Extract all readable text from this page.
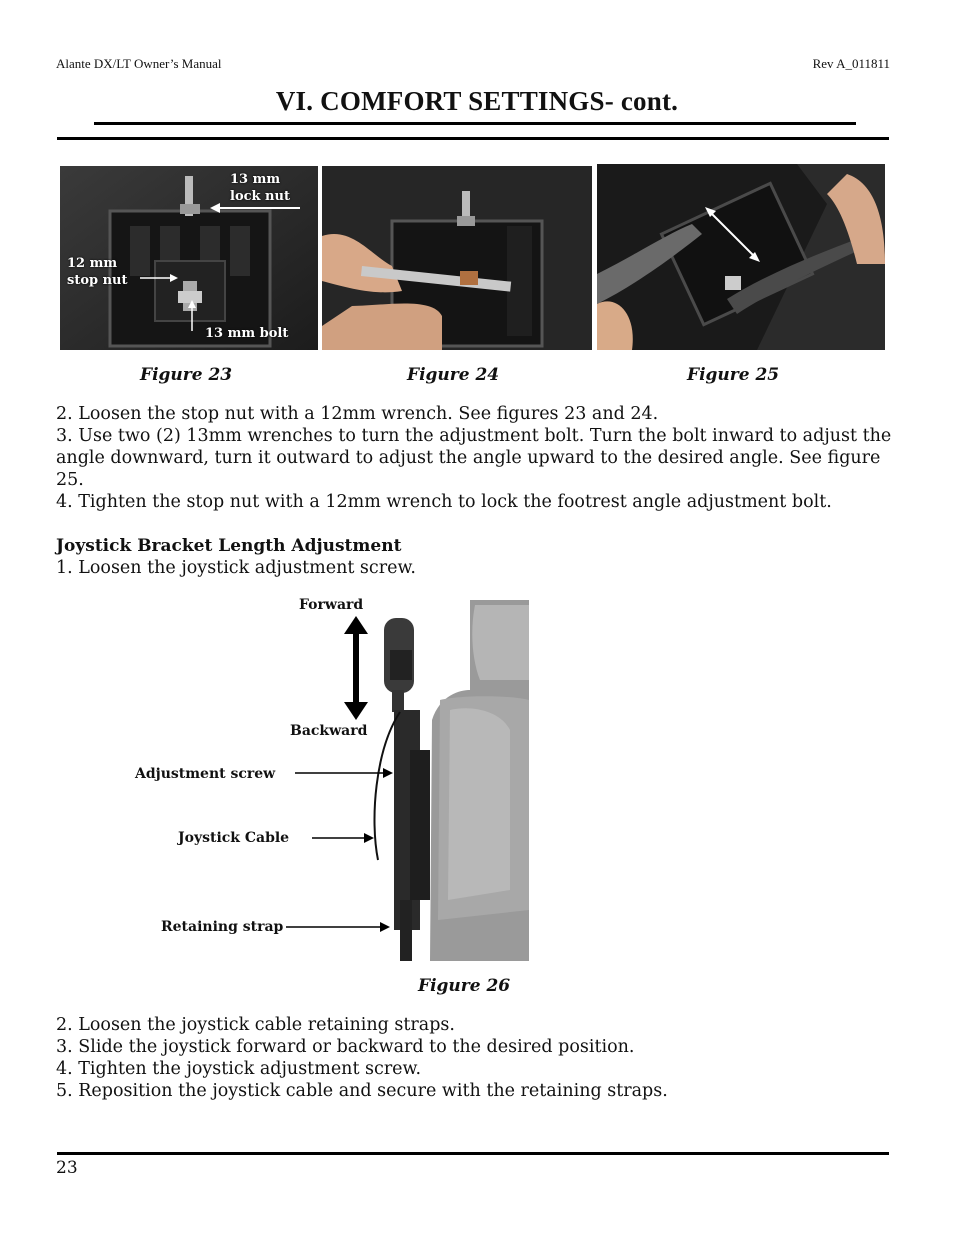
Alante DX/LT Owner’s Manual	Rev A_011811
VI. COMFORT SETTINGS- cont.
13 mm
lock nut
12 mm
stop nut
13 mm bolt
Figure 23	Figure 24	Figure 25
2. Loosen the stop nut with a 12mm wrench. See figures 23 and 24.
3. Use two (2) 13mm wrenches to turn the adjustment bolt. Turn the bolt inward to adjust the angle downward, turn it outward to adjust the angle upward to the desired angle. See figure 25.
4. Tighten the stop nut with a 12mm wrench to lock the footrest angle adjustment bolt.
Joystick Bracket Length Adjustment
1. Loosen the joystick adjustment screw.
Forward
Backward
Adjustment screw
Joystick Cable
Retaining strap
Figure 26
2. Loosen the joystick cable retaining straps.
3. Slide the joystick forward or backward to the desired position.
4. Tighten the joystick adjustment screw.
5. Reposition the joystick cable and secure with the retaining straps.
23
